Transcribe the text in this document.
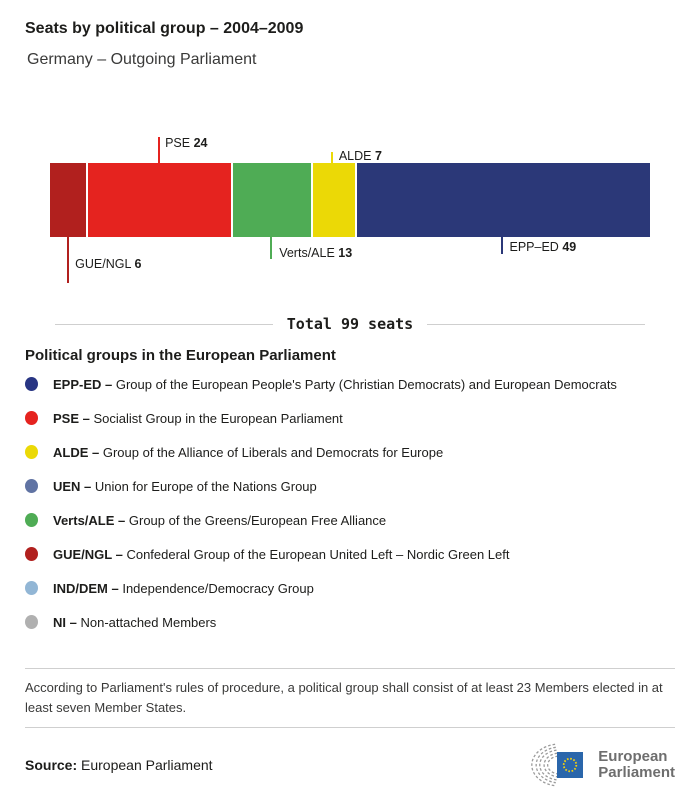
Seats by political group – 2004–2009

Germany – Outgoing Parliament

PSE 24
ALDE 7
GUE/NGL 6
Verts/ALE 13	EPP–ED 49
Total 99 seats
Political groups in the European Parliament
EPP-ED – Group of the European People's Party (Christian Democrats) and European Democrats
PSE – Socialist Group in the European Parliament
ALDE – Group of the Alliance of Liberals and Democrats for Europe
UEN – Union for Europe of the Nations Group
Verts/ALE – Group of the Greens/European Free Alliance
GUE/NGL – Confederal Group of the European United Left – Nordic Green Left
IND/DEM – Independence/Democracy Group
NI – Non-attached Members
According to Parliament's rules of procedure, a political group shall consist of at least 23 Members elected in at least seven Member States.
Source: European Parliament
European
Parliament
